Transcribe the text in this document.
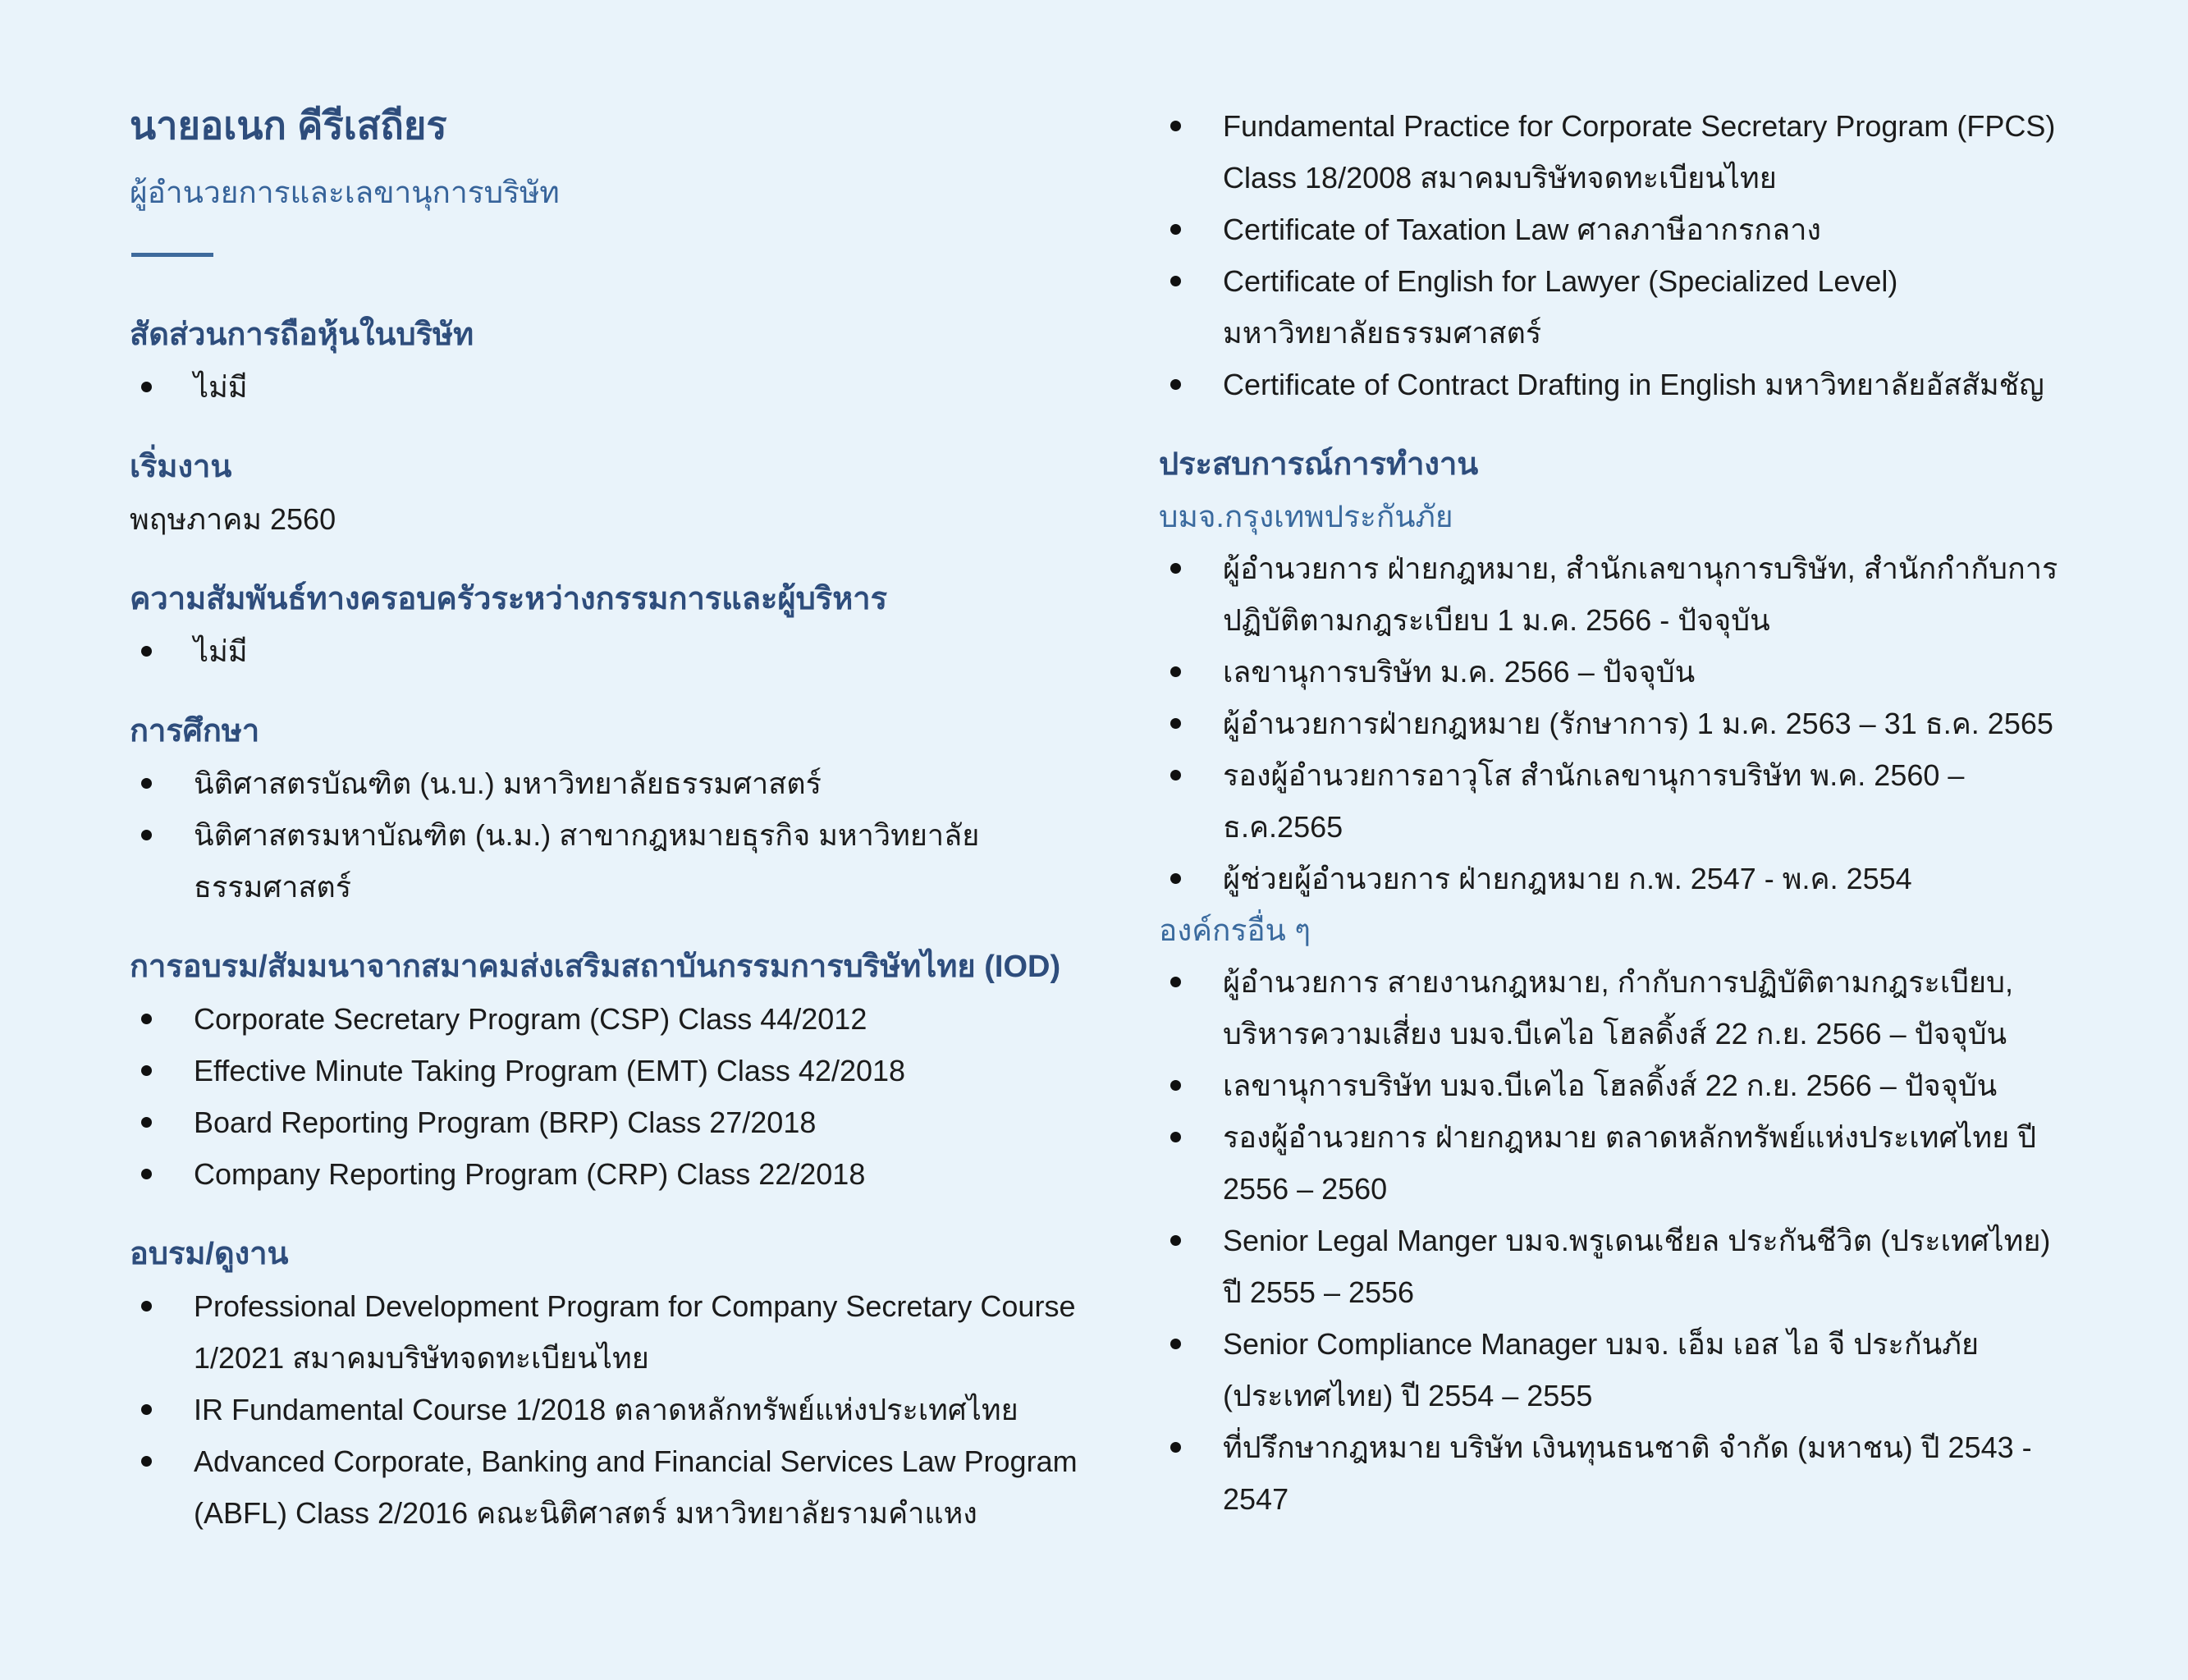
นายอเนก คีรีเสถียร

ผู้อำนวยการและเลขานุการบริษัท

สัดส่วนการถือหุ้นในบริษัท
ไม่มี
เริ่มงาน

พฤษภาคม 2560

ความสัมพันธ์ทางครอบครัวระหว่างกรรมการและผู้บริหาร
ไม่มี
การศึกษา
นิติศาสตรบัณฑิต (น.บ.) มหาวิทยาลัยธรรมศาสตร์
นิติศาสตรมหาบัณฑิต (น.ม.) สาขากฎหมายธุรกิจ มหาวิทยาลัยธรรมศาสตร์
การอบรม/สัมมนาจากสมาคมส่งเสริมสถาบันกรรมการบริษัทไทย (IOD)
Corporate Secretary Program (CSP) Class 44/2012
Effective Minute Taking Program (EMT) Class 42/2018
Board Reporting Program (BRP) Class 27/2018
Company Reporting Program (CRP) Class 22/2018
อบรม/ดูงาน
Professional Development Program for Company Secretary Course 1/2021 สมาคมบริษัทจดทะเบียนไทย
IR Fundamental Course 1/2018 ตลาดหลักทรัพย์แห่งประเทศไทย
Advanced Corporate, Banking and Financial Services Law Program (ABFL) Class 2/2016 คณะนิติศาสตร์ มหาวิทยาลัยรามคำแหง
Fundamental Practice for Corporate Secretary Program (FPCS) Class 18/2008 สมาคมบริษัทจดทะเบียนไทย
Certificate of Taxation Law ศาลภาษีอากรกลาง
Certificate of English for Lawyer (Specialized Level) มหาวิทยาลัยธรรมศาสตร์
Certificate of Contract Drafting in English มหาวิทยาลัยอัสสัมชัญ
ประสบการณ์การทำงาน

บมจ.กรุงเทพประกันภัย

ผู้อำนวยการ ฝ่ายกฎหมาย, สำนักเลขานุการบริษัท, สำนักกำกับการปฏิบัติตามกฎระเบียบ 1 ม.ค. 2566 - ปัจจุบัน
เลขานุการบริษัท ม.ค. 2566 – ปัจจุบัน
ผู้อำนวยการฝ่ายกฎหมาย (รักษาการ) 1 ม.ค. 2563 – 31 ธ.ค. 2565
รองผู้อำนวยการอาวุโส สำนักเลขานุการบริษัท พ.ค. 2560 – ธ.ค.2565
ผู้ช่วยผู้อำนวยการ ฝ่ายกฎหมาย ก.พ. 2547 - พ.ค. 2554

องค์กรอื่น ๆ

ผู้อำนวยการ สายงานกฎหมาย, กำกับการปฏิบัติตามกฎระเบียบ, บริหารความเสี่ยง บมจ.บีเคไอ โฮลดิ้งส์ 22 ก.ย. 2566 – ปัจจุบัน
เลขานุการบริษัท บมจ.บีเคไอ โฮลดิ้งส์ 22 ก.ย. 2566 – ปัจจุบัน
รองผู้อำนวยการ ฝ่ายกฎหมาย ตลาดหลักทรัพย์แห่งประเทศไทย ปี 2556 – 2560
Senior Legal Manger บมจ.พรูเดนเชียล ประกันชีวิต (ประเทศไทย) ปี 2555 – 2556
Senior Compliance Manager บมจ. เอ็ม เอส ไอ จี ประกันภัย (ประเทศไทย) ปี 2554 – 2555
ที่ปรึกษากฎหมาย บริษัท เงินทุนธนชาติ จำกัด (มหาชน) ปี 2543 - 2547
